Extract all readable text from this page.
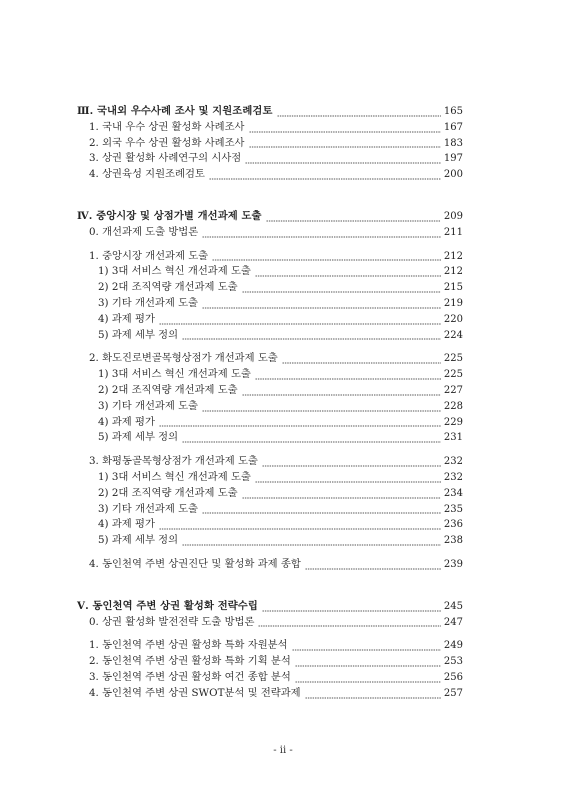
Ⅲ. 국내외 우수사례 조사 및 지원조례검토	165
1. 국내 우수 상권 활성화 사례조사	167
2. 외국 우수 상권 활성화 사례조사	183
3. 상권 활성화 사례연구의 시사점	197
4. 상권육성 지원조례검토	200
Ⅳ. 중앙시장 및 상점가별 개선과제 도출	209
0. 개선과제 도출 방법론	211
1. 중앙시장 개선과제 도출	212
1) 3대 서비스 혁신 개선과제 도출	212
2) 2대 조직역량 개선과제 도출	215
3) 기타 개선과제 도출	219
4) 과제 평가	220
5) 과제 세부 정의	224
2. 화도진로변골목형상점가 개선과제 도출	225
1) 3대 서비스 혁신 개선과제 도출	225
2) 2대 조직역량 개선과제 도출	227
3) 기타 개선과제 도출	228
4) 과제 평가	229
5) 과제 세부 정의	231
3. 화평동골목형상점가 개선과제 도출	232
1) 3대 서비스 혁신 개선과제 도출	232
2) 2대 조직역량 개선과제 도출	234
3) 기타 개선과제 도출	235
4) 과제 평가	236
5) 과제 세부 정의	238
4. 동인천역 주변 상권진단 및 활성화 과제 종합	239
Ⅴ. 동인천역 주변 상권 활성화 전략수립	245
0. 상권 활성화 발전전략 도출 방법론	247
1. 동인천역 주변 상권 활성화 특화 자원분석	249
2. 동인천역 주변 상권 활성화 특화 기획 분석	253
3. 동인천역 주변 상권 활성화 여건 종합 분석	256
4. 동인천역 주변 상권 SWOT분석 및 전략과제	257
- ii -
